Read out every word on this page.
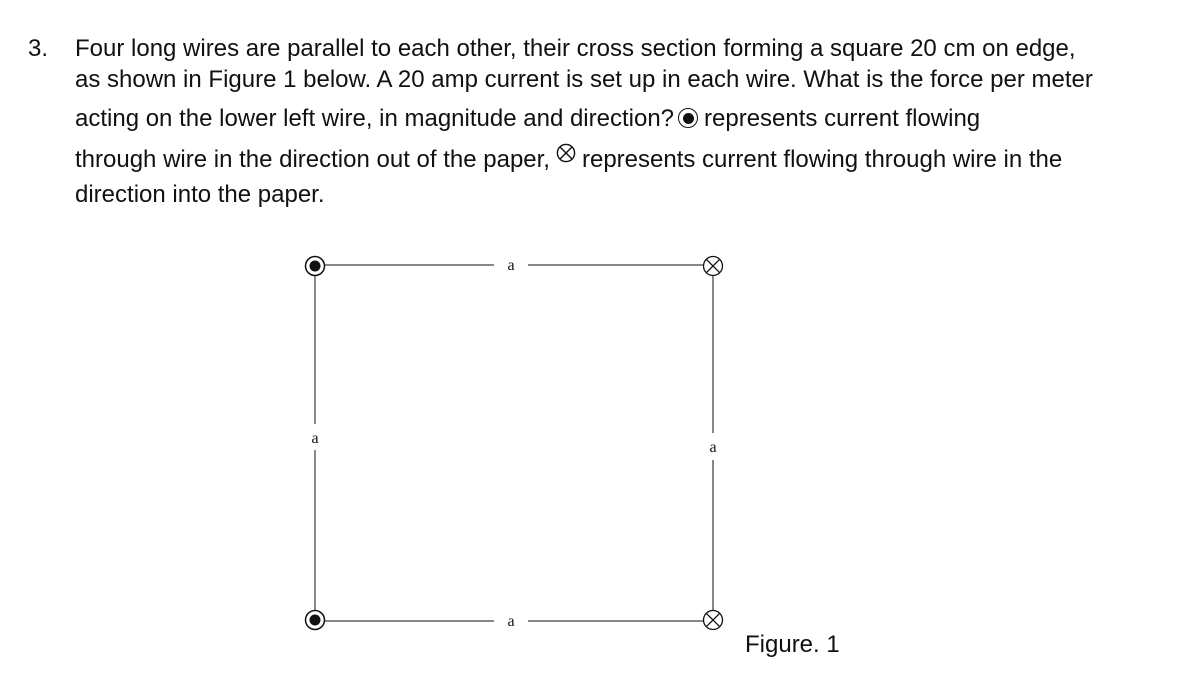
3. Four long wires are parallel to each other, their cross section forming a square 20 cm on edge,
as shown in Figure 1 below. A 20 amp current is set up in each wire. What is the force per meter
acting on the lower left wire, in magnitude and direction? represents current flowing
through wire in the direction out of the paper, represents current flowing through wire in the
direction into the paper.
a
a
a
a
Figure. 1
